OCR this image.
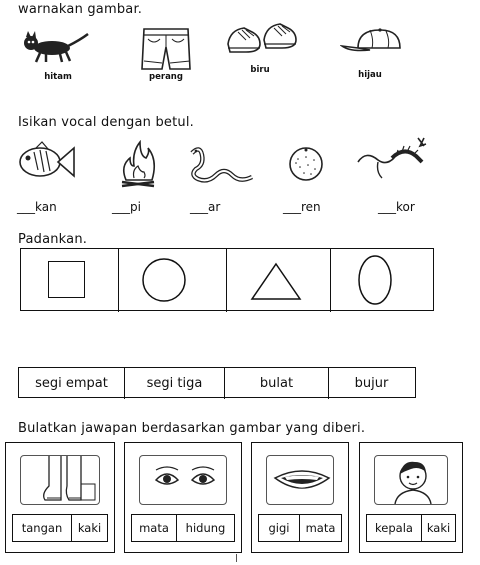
warnakan gambar.
hitam	perang
biru	hijau
Isikan vocal dengan betul.
___kan	___pi	___ar	___ren	___kor
Padankan.
segi empat	segi tiga	bulat	bujur
Bulatkan jawapan berdasarkan gambar yang diberi.
tangan	kaki	mata	hidung	gigi	mata	kepala	kaki
